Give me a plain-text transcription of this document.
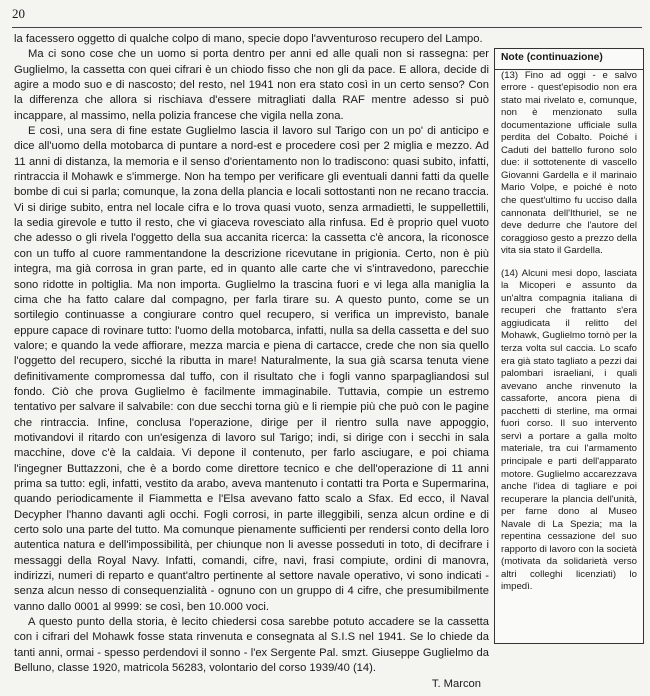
20

la facessero oggetto di qualche colpo di mano, specie dopo l'avventuroso recupero del Lampo.

Ma ci sono cose che un uomo si porta dentro per anni ed alle quali non si rassegna: per Guglielmo, la cassetta con quei cifrari è un chiodo fisso che non gli da pace. E allora, decide di agire a modo suo e di nascosto; del resto, nel 1941 non era stato così in un certo senso? Con la differenza che allora si rischiava d'essere mitragliati dalla RAF mentre adesso si può incappare, al massimo, nella polizia francese che vigila nella zona.

E così, una sera di fine estate Guglielmo lascia il lavoro sul Tarigo con un po' di anticipo e dice all'uomo della motobarca di puntare a nord-est e procedere così per 2 miglia e mezzo. Ad 11 anni di distanza, la memoria e il senso d'orientamento non lo tradiscono: quasi subito, infatti, rintraccia il Mohawk e s'immerge. Non ha tempo per verificare gli eventuali danni fatti da quelle bombe di cui si parla; comunque, la zona della plancia e locali sottostanti non ne recano traccia. Vi si dirige subito, entra nel locale cifra e lo trova quasi vuoto, senza armadietti, le suppellettili, la sedia girevole e tutto il resto, che vi giaceva rovesciato alla rinfusa. Ed è proprio quel vuoto che adesso o gli rivela l'oggetto della sua accanita ricerca: la cassetta c'è ancora, la riconosce con un tuffo al cuore rammentandone la descrizione ricevutane in prigionia. Certo, non è più integra, ma già corrosa in gran parte, ed in quanto alle carte che vi s'intravedono, parecchie sono ridotte in poltiglia. Ma non importa. Guglielmo la trascina fuori e vi lega alla maniglia la cima che ha fatto calare dal compagno, per farla tirare su. A questo punto, come se un sortilegio continuasse a congiurare contro quel recupero, si verifica un imprevisto, banale eppure capace di rovinare tutto: l'uomo della motobarca, infatti, nulla sa della cassetta e del suo valore; e quando la vede affiorare, mezza marcia e piena di cartacce, crede che non sia quello l'oggetto del recupero, sicché la ributta in mare! Naturalmente, la sua già scarsa tenuta viene definitivamente compromessa dal tuffo, con il risultato che i fogli vanno sparpagliandosi sul fondo. Ciò che prova Guglielmo è facilmente immaginabile. Tuttavia, compie un estremo tentativo per salvare il salvabile: con due secchi torna giù e li riempie più che può con le pagine che rintraccia. Infine, conclusa l'operazione, dirige per il rientro sulla nave appoggio, motivandovi il ritardo con un'esigenza di lavoro sul Tarigo; indi, si dirige con i secchi in sala macchine, dove c'è la caldaia. Vi depone il contenuto, per farlo asciugare, e poi chiama l'ingegner Buttazzoni, che è a bordo come direttore tecnico e che dell'operazione di 11 anni prima sa tutto: egli, infatti, vestito da arabo, aveva mantenuto i contatti tra Porta e Supermarina, quando periodicamente il Fiammetta e l'Elsa avevano fatto scalo a Sfax. Ed ecco, il Naval Decypher l'hanno davanti agli occhi. Fogli corrosi, in parte illeggibili, senza alcun ordine e di certo solo una parte del tutto. Ma comunque pienamente sufficienti per rendersi conto della loro autentica natura e dell'impossibilità, per chiunque non li avesse posseduti in toto, di decifrare i messaggi della Royal Navy. Infatti, comandi, cifre, navi, frasi compiute, ordini di manovra, indirizzi, numeri di reparto e quant'altro pertinente al settore navale operativo, vi sono indicati - senza alcun nesso di consequenzialità - ognuno con un gruppo di 4 cifre, che presumibilmente vanno dallo 0001 al 9999: se così, ben 10.000 voci.

A questo punto della storia, è lecito chiedersi cosa sarebbe potuto accadere se la cassetta con i cifrari del Mohawk fosse stata rinvenuta e consegnata al S.I.S nel 1941. Se lo chiede da tanti anni, ormai - spesso perdendovi il sonno - l'ex Sergente Pal. smzt. Giuseppe Guglielmo da Belluno, classe 1920, matricola 56283, volontario del corso 1939/40 (14).

T. Marcon
Note (continuazione)
(13) Fino ad oggi - e salvo errore - quest'episodio non era stato mai rivelato e, comunque, non è menzionato sulla documentazione ufficiale sulla perdita del Cobalto. Poiché i Caduti del battello furono solo due: il sottotenente di vascello Giovanni Gardella e il marinaio Mario Volpe, e poiché è noto che quest'ultimo fu ucciso dalla cannonata dell'Ithuriel, se ne deve dedurre che l'autore del coraggioso gesto a prezzo della vita sia stato il Gardella.
(14) Alcuni mesi dopo, lasciata la Micoperi e assunto da un'altra compagnia italiana di recuperi che frattanto s'era aggiudicata il relitto del Mohawk, Guglielmo tornò per la terza volta sul caccia. Lo scafo era già stato tagliato a pezzi dai palombari israeliani, i quali avevano anche rinvenuto la cassaforte, ancora piena di pacchetti di sterline, ma ormai fuori corso. Il suo intervento servì a portare a galla molto materiale, tra cui l'armamento principale e parti dell'apparato motore. Guglielmo accarezzava anche l'idea di tagliare e poi recuperare la plancia dell'unità, per farne dono al Museo Navale di La Spezia; ma la repentina cessazione del suo rapporto di lavoro con la società (motivata da solidarietà verso altri colleghi licenziati) lo impedì.
